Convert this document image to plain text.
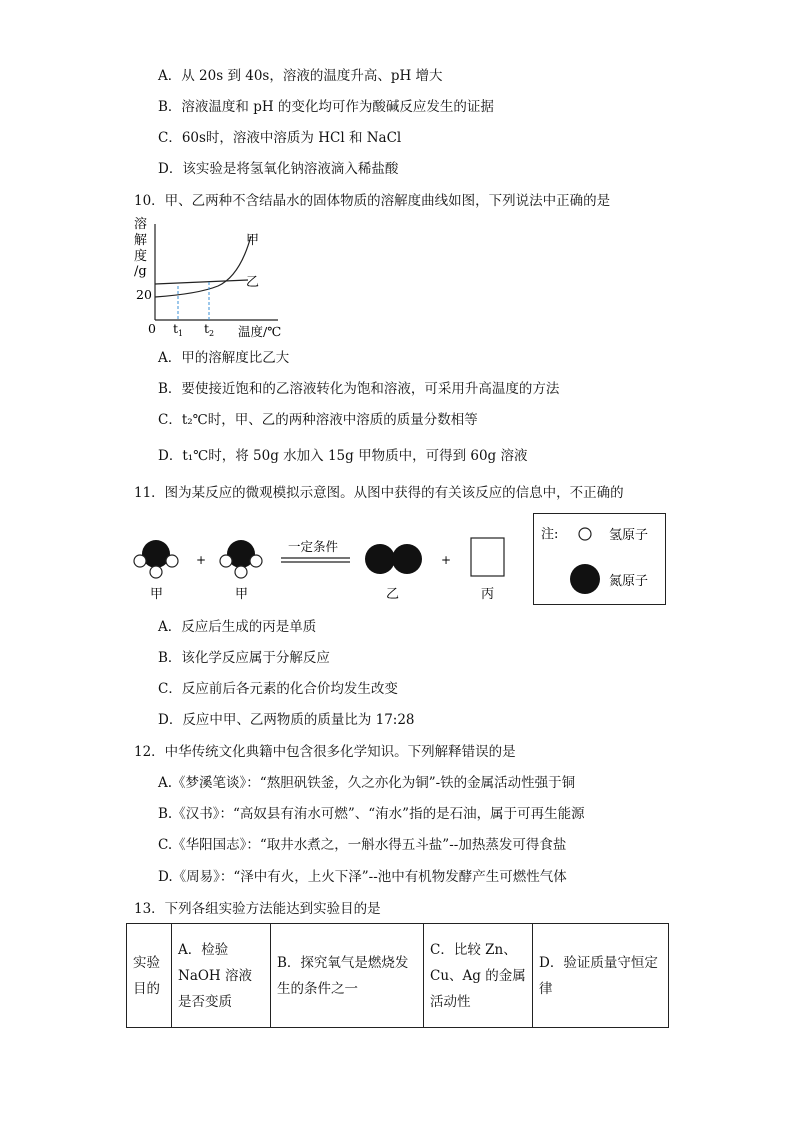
A．从 20s 到 40s，溶液的温度升高、pH 增大
B．溶液温度和 pH 的变化均可作为酸碱反应发生的证据
C．60s时，溶液中溶质为 HCl 和 NaCl
D．该实验是将氢氧化钠溶液滴入稀盐酸
10．甲、乙两种不含结晶水的固体物质的溶解度曲线如图，下列说法中正确的是
溶
解
度
/g
20
0 $t_1$ $t_2$ 温度/℃
甲
乙
A．甲的溶解度比乙大
B．要使接近饱和的乙溶液转化为饱和溶液，可采用升高温度的方法
C．t₂℃时，甲、乙的两种溶液中溶质的质量分数相等
D．t₁℃时，将 50g 水加入 15g 甲物质中，可得到 60g 溶液
11．图为某反应的微观模拟示意图。从图中获得的有关该反应的信息中，不正确的
甲
+
甲
一定条件
乙
+
丙
注:	氢原子
氮原子
A．反应后生成的丙是单质
B．该化学反应属于分解反应
C．反应前后各元素的化合价均发生改变
D．反应中甲、乙两物质的质量比为 17:28
12．中华传统文化典籍中包含很多化学知识。下列解释错误的是
A.《梦溪笔谈》：“熬胆矾铁釜，久之亦化为铜”-铁的金属活动性强于铜
B.《汉书》：“高奴县有洧水可燃”、“洧水”指的是石油，属于可再生能源
C.《华阳国志》：“取井水煮之，一斛水得五斗盐”--加热蒸发可得食盐
D.《周易》：“泽中有火，上火下泽”--池中有机物发酵产生可燃性气体
13．下列各组实验方法能达到实验目的是
实验目的	A．检验 NaOH 溶液是否变质	B．探究氧气是燃烧发生的条件之一	C．比较 Zn、Cu、Ag 的金属活动性	D．验证质量守恒定律
